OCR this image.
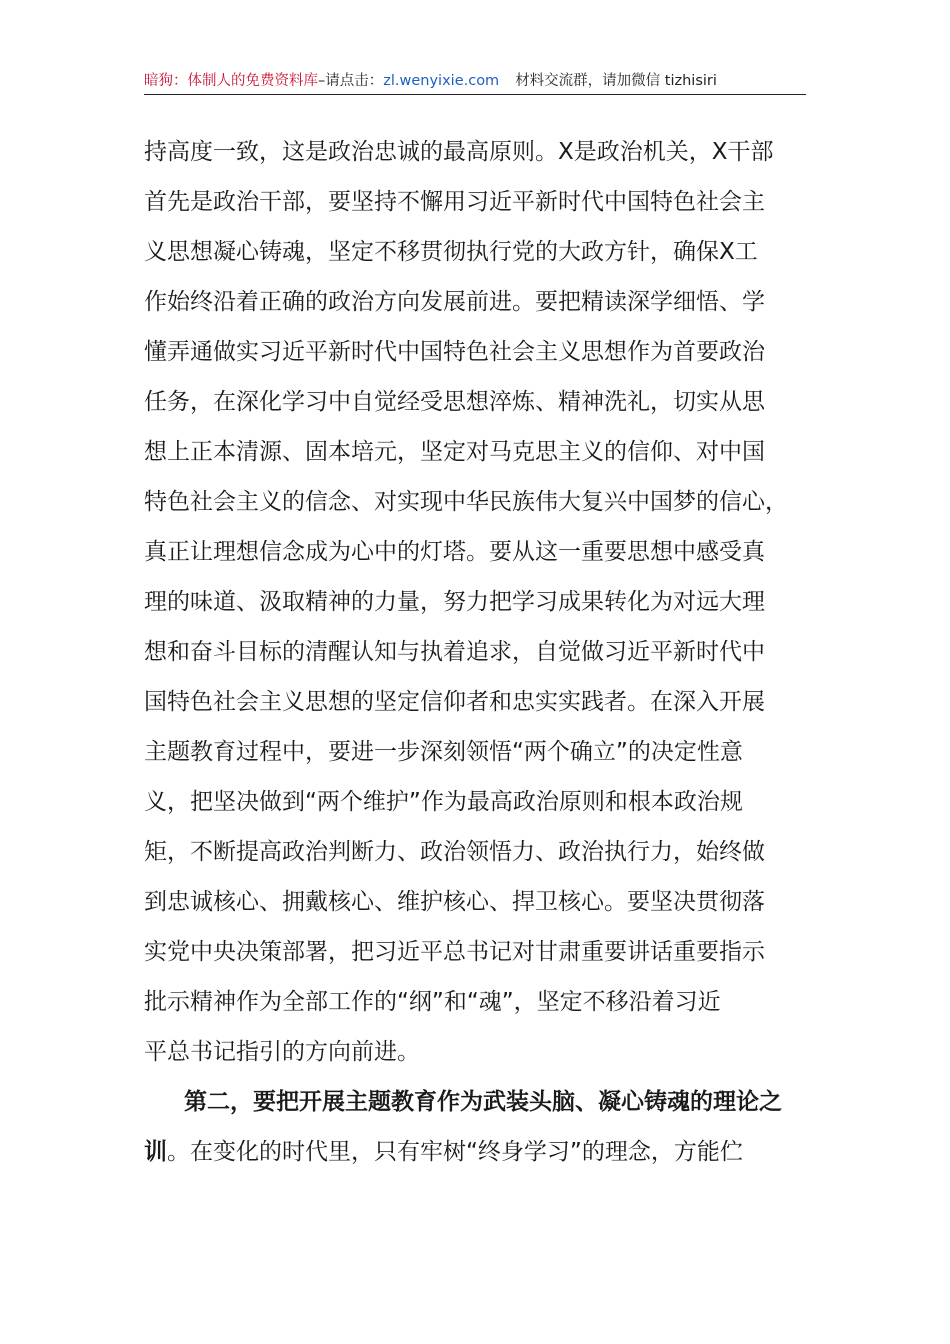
暗狗：体制人的免费资料库–请点击：zl.wenyixie.com 材料交流群，请加微信 tizhisiri
持高度一致，这是政治忠诚的最高原则。X是政治机关，X干部
首先是政治干部，要坚持不懈用习近平新时代中国特色社会主
义思想凝心铸魂，坚定不移贯彻执行党的大政方针，确保X工
作始终沿着正确的政治方向发展前进。要把精读深学细悟、学
懂弄通做实习近平新时代中国特色社会主义思想作为首要政治
任务，在深化学习中自觉经受思想淬炼、精神洗礼，切实从思
想上正本清源、固本培元，坚定对马克思主义的信仰、对中国
特色社会主义的信念、对实现中华民族伟大复兴中国梦的信心，
真正让理想信念成为心中的灯塔。要从这一重要思想中感受真
理的味道、汲取精神的力量，努力把学习成果转化为对远大理
想和奋斗目标的清醒认知与执着追求，自觉做习近平新时代中
国特色社会主义思想的坚定信仰者和忠实实践者。在深入开展
主题教育过程中，要进一步深刻领悟“两个确立”的决定性意
义，把坚决做到“两个维护”作为最高政治原则和根本政治规
矩，不断提高政治判断力、政治领悟力、政治执行力，始终做
到忠诚核心、拥戴核心、维护核心、捍卫核心。要坚决贯彻落
实党中央决策部署，把习近平总书记对甘肃重要讲话重要指示
批示精神作为全部工作的“纲”和“魂”，坚定不移沿着习近
平总书记指引的方向前进。
第二，要把开展主题教育作为武装头脑、凝心铸魂的理论之
训。在变化的时代里，只有牢树“终身学习”的理念，方能伫
